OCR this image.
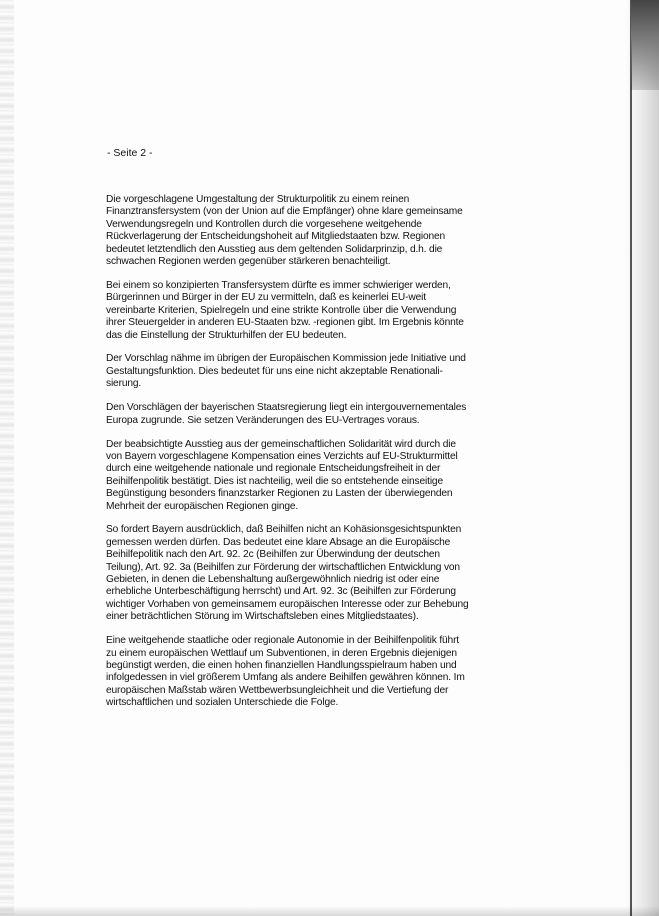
- Seite 2 -
Die vorgeschlagene Umgestaltung der Strukturpolitik zu einem reinen
Finanztransfersystem (von der Union auf die Empfänger) ohne klare gemeinsame
Verwendungsregeln und Kontrollen durch die vorgesehene weitgehende
Rückverlagerung der Entscheidungshoheit auf Mitgliedstaaten bzw. Regionen
bedeutet letztendlich den Ausstieg aus dem geltenden Solidarprinzip, d.h. die
schwachen Regionen werden gegenüber stärkeren benachteiligt.
Bei einem so konzipierten Transfersystem dürfte es immer schwieriger werden,
Bürgerinnen und Bürger in der EU zu vermitteln, daß es keinerlei EU-weit
vereinbarte Kriterien, Spielregeln und eine strikte Kontrolle über die Verwendung
ihrer Steuergelder in anderen EU-Staaten bzw. -regionen gibt. Im Ergebnis könnte
das die Einstellung der Strukturhilfen der EU bedeuten.
Der Vorschlag nähme im übrigen der Europäischen Kommission jede Initiative und
Gestaltungsfunktion. Dies bedeutet für uns eine nicht akzeptable Renationali-
sierung.
Den Vorschlägen der bayerischen Staatsregierung liegt ein intergouvernementales
Europa zugrunde. Sie setzen Veränderungen des EU-Vertrages voraus.
Der beabsichtigte Ausstieg aus der gemeinschaftlichen Solidarität wird durch die
von Bayern vorgeschlagene Kompensation eines Verzichts auf EU-Strukturmittel
durch eine weitgehende nationale und regionale Entscheidungsfreiheit in der
Beihilfenpolitik bestätigt. Dies ist nachteilig, weil die so entstehende einseitige
Begünstigung besonders finanzstarker Regionen zu Lasten der überwiegenden
Mehrheit der europäischen Regionen ginge.
So fordert Bayern ausdrücklich, daß Beihilfen nicht an Kohäsionsgesichtspunkten
gemessen werden dürfen. Das bedeutet eine klare Absage an die Europäische
Beihilfepolitik nach den Art. 92. 2c (Beihilfen zur Überwindung der deutschen
Teilung), Art. 92. 3a (Beihilfen zur Förderung der wirtschaftlichen Entwicklung von
Gebieten, in denen die Lebenshaltung außergewöhnlich niedrig ist oder eine
erhebliche Unterbeschäftigung herrscht) und Art. 92. 3c (Beihilfen zur Förderung
wichtiger Vorhaben von gemeinsamem europäischen Interesse oder zur Behebung
einer beträchtlichen Störung im Wirtschaftsleben eines Mitgliedstaates).
Eine weitgehende staatliche oder regionale Autonomie in der Beihilfenpolitik führt
zu einem europäischen Wettlauf um Subventionen, in deren Ergebnis diejenigen
begünstigt werden, die einen hohen finanziellen Handlungsspielraum haben und
infolgedessen in viel größerem Umfang als andere Beihilfen gewähren können. Im
europäischen Maßstab wären Wettbewerbsungleichheit und die Vertiefung der
wirtschaftlichen und sozialen Unterschiede die Folge.
